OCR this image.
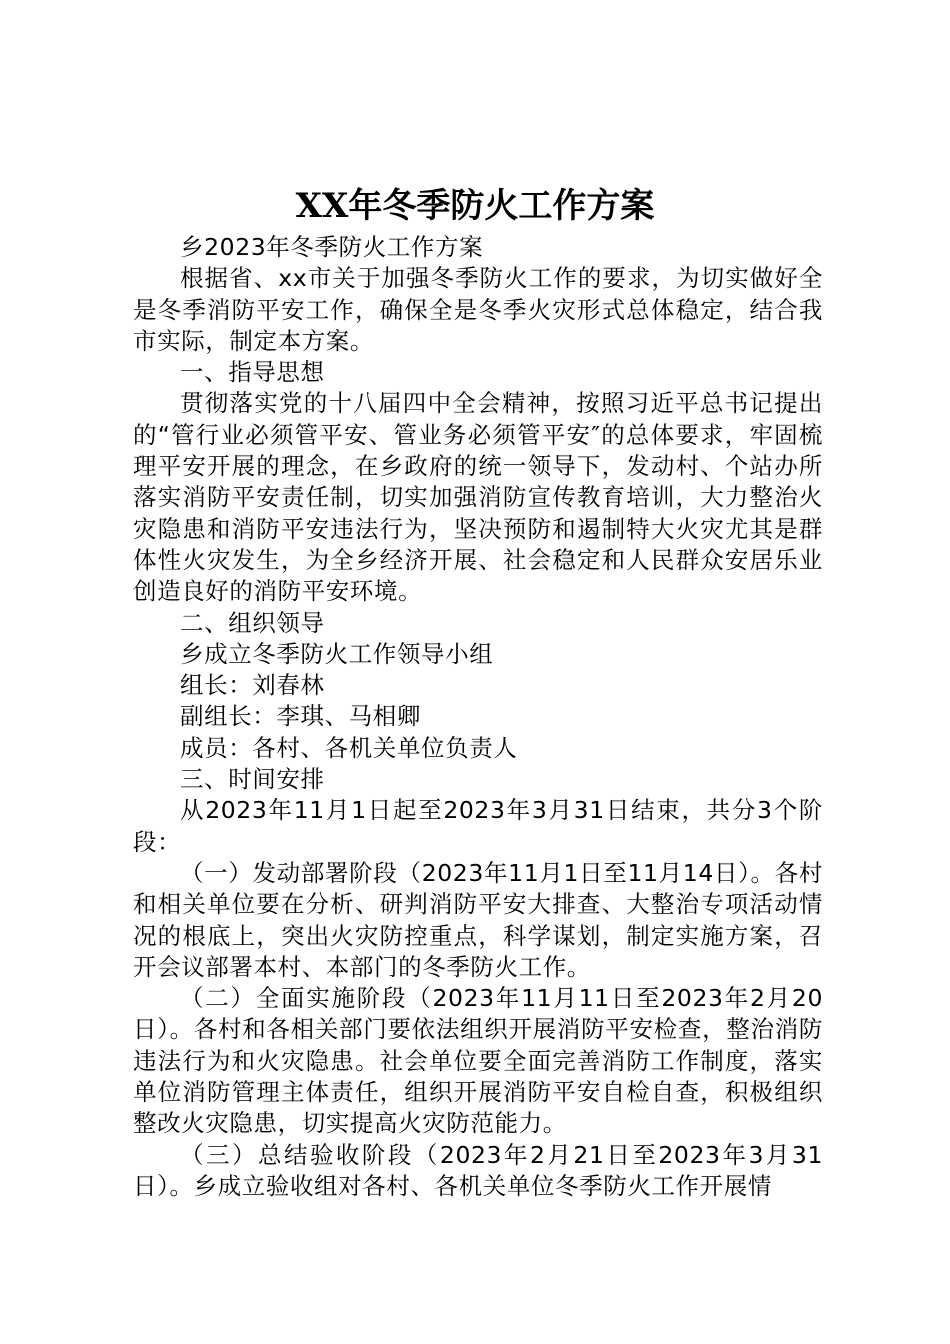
XX年冬季防火工作方案

乡2023年冬季防火工作方案

根据省、xx市关于加强冬季防火工作的要求，为切实做好全是冬季消防平安工作，确保全是冬季火灾形式总体稳定，结合我市实际，制定本方案。

一、指导思想

贯彻落实党的十八届四中全会精神，按照习近平总书记提出的“管行业必须管平安、管业务必须管平安″的总体要求，牢固梳理平安开展的理念，在乡政府的统一领导下，发动村、个站办所落实消防平安责任制，切实加强消防宣传教育培训，大力整治火灾隐患和消防平安违法行为，坚决预防和遏制特大火灾尤其是群体性火灾发生，为全乡经济开展、社会稳定和人民群众安居乐业创造良好的消防平安环境。

二、组织领导

乡成立冬季防火工作领导小组

组长：刘春林

副组长：李琪、马相卿

成员：各村、各机关单位负责人

三、时间安排

从2023年11月1日起至2023年3月31日结束，共分3个阶段：

（一）发动部署阶段（2023年11月1日至11月14日）。各村和相关单位要在分析、研判消防平安大排查、大整治专项活动情况的根底上，突出火灾防控重点，科学谋划，制定实施方案，召开会议部署本村、本部门的冬季防火工作。

（二）全面实施阶段（2023年11月11日至2023年2月20日）。各村和各相关部门要依法组织开展消防平安检查，整治消防违法行为和火灾隐患。社会单位要全面完善消防工作制度，落实单位消防管理主体责任，组织开展消防平安自检自查，积极组织整改火灾隐患，切实提高火灾防范能力。

（三）总结验收阶段（2023年2月21日至2023年3月31日）。乡成立验收组对各村、各机关单位冬季防火工作开展情
